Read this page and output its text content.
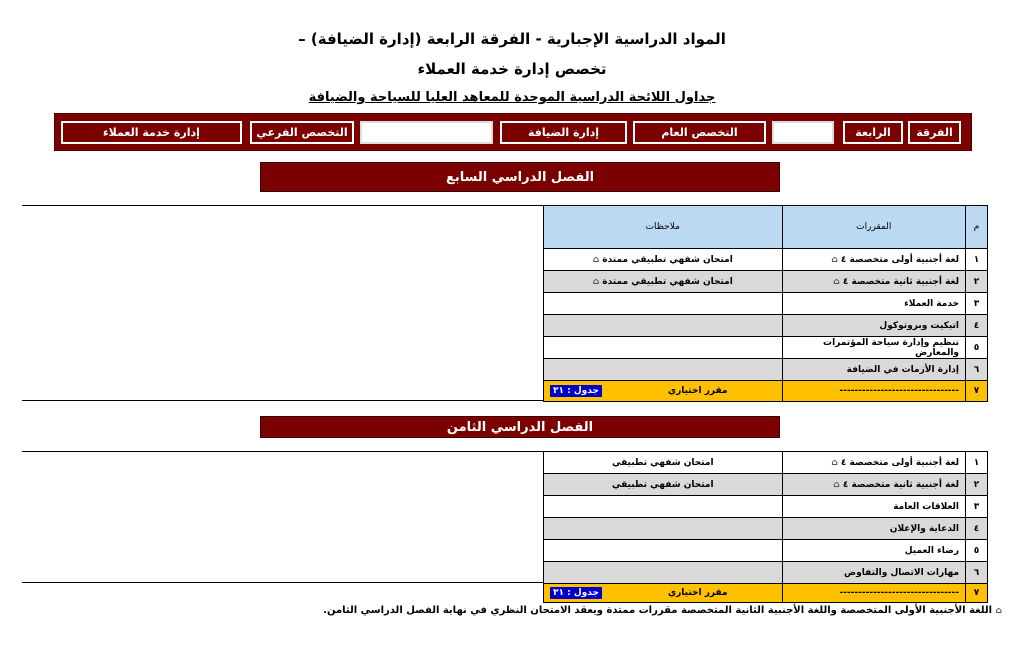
المواد الدراسية الإجبارية - الفرقة الرابعة (إدارة الضيافة) –
تخصص إدارة خدمة العملاء
جداول اللائحة الدراسية الموحدة للمعاهد العليا للسياحة والضيافة
الفرقة
الرابعة
التخصص العام
إدارة الضيافة
التخصص الفرعي
إدارة خدمة العملاء
الفصل الدراسي السابع
م	المقررات	ملاحظات
١	لغة أجنبية أولى متخصصة ٤ ⌂	امتحان شفهي تطبيقي ممتدة ⌂
٢	لغة أجنبية ثانية متخصصة ٤ ⌂	امتحان شفهي تطبيقي ممتدة ⌂
٣	خدمة العملاء	
٤	اتيكيت وبروتوكول	
٥	تنظيم وإدارة سياحة المؤتمرات والمعارض	
٦	إدارة الأزمات في الضيافة	
٧	--------------------------------	مقرر اختياري
جدول : ٣١
الفصل الدراسي الثامن
١	لغة أجنبية أولى متخصصة ٤ ⌂	امتحان شفهي تطبيقي
٢	لغة أجنبية ثانية متخصصة ٤ ⌂	امتحان شفهي تطبيقي
٣	العلاقات العامة	
٤	الدعاية والإعلان	
٥	رضاء العميل	
٦	مهارات الاتصال والتفاوض	
٧	--------------------------------	مقرر اختياري
جدول : ٣١
⌂ اللغة الأجنبية الأولى المتخصصة واللغة الأجنبية الثانية المتخصصة مقررات ممتدة ويعقد الامتحان النظري في نهاية الفصل الدراسي الثامن.
